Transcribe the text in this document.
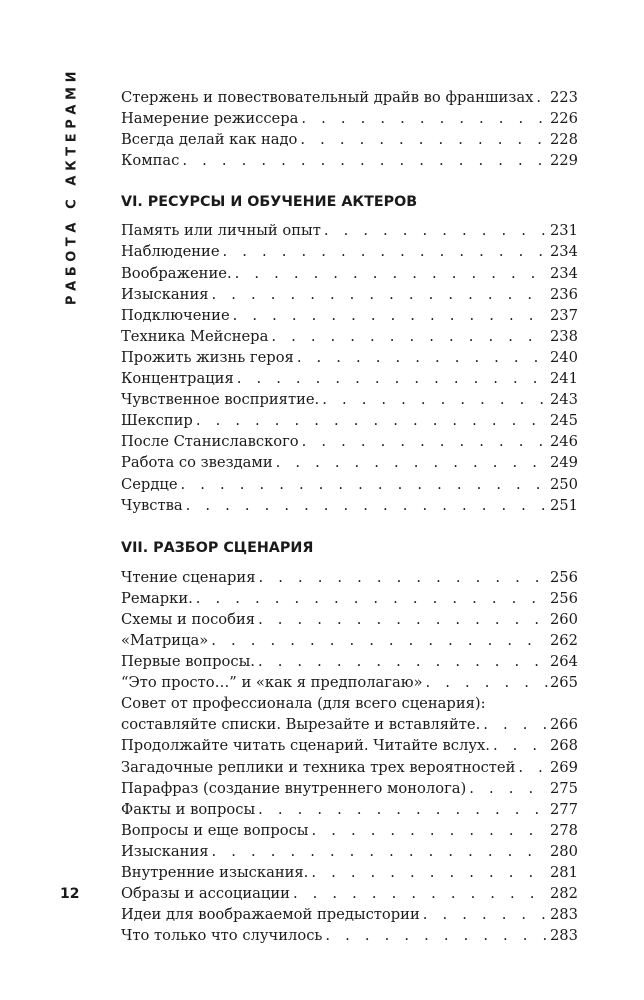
РАБОТА С АКТЕРАМИ
12
Стержень и повествовательный драйв во франшизах . . . 223
Намерение режиссера . . .	226
Всегда делай как надо . . .	228
Компас . . .	229
VI. РЕСУРСЫ И ОБУЧЕНИЕ АКТЕРОВ
Память или личный опыт . . .	231
Наблюдение . . .	234
Воображение. . . .	234
Изыскания . . .	236
Подключение . . .	237
Техника Мейснера . . .	238
Прожить жизнь героя . . .	240
Концентрация . . .	241
Чувственное восприятие. . . .	243
Шекспир . . .	245
После Станиславского . . .	246
Работа со звездами . . .	249
Сердце . . .	250
Чувства . . .	251
VII. РАЗБОР СЦЕНАРИЯ
Чтение сценария . . .	256
Ремарки. . . .	256
Схемы и пособия . . .	260
«Матрица» . . .	262
Первые вопросы. . . .	264
“Это просто…” и «как я предполагаю» . . .	265
Совет от профессионала (для всего сценария):
составляйте списки. Вырезайте и вставляйте. . . .	266
Продолжайте читать сценарий. Читайте вслух. . . .	268
Загадочные реплики и техника трех вероятностей . . . 269
Парафраз (создание внутреннего монолога) . . .	275
Факты и вопросы . . .	277
Вопросы и еще вопросы . . .	278
Изыскания . . .	280
Внутренние изыскания. . . .	281
Образы и ассоциации . . .	282
Идеи для воображаемой предыстории . . .	283
Что только что случилось . . .	283
